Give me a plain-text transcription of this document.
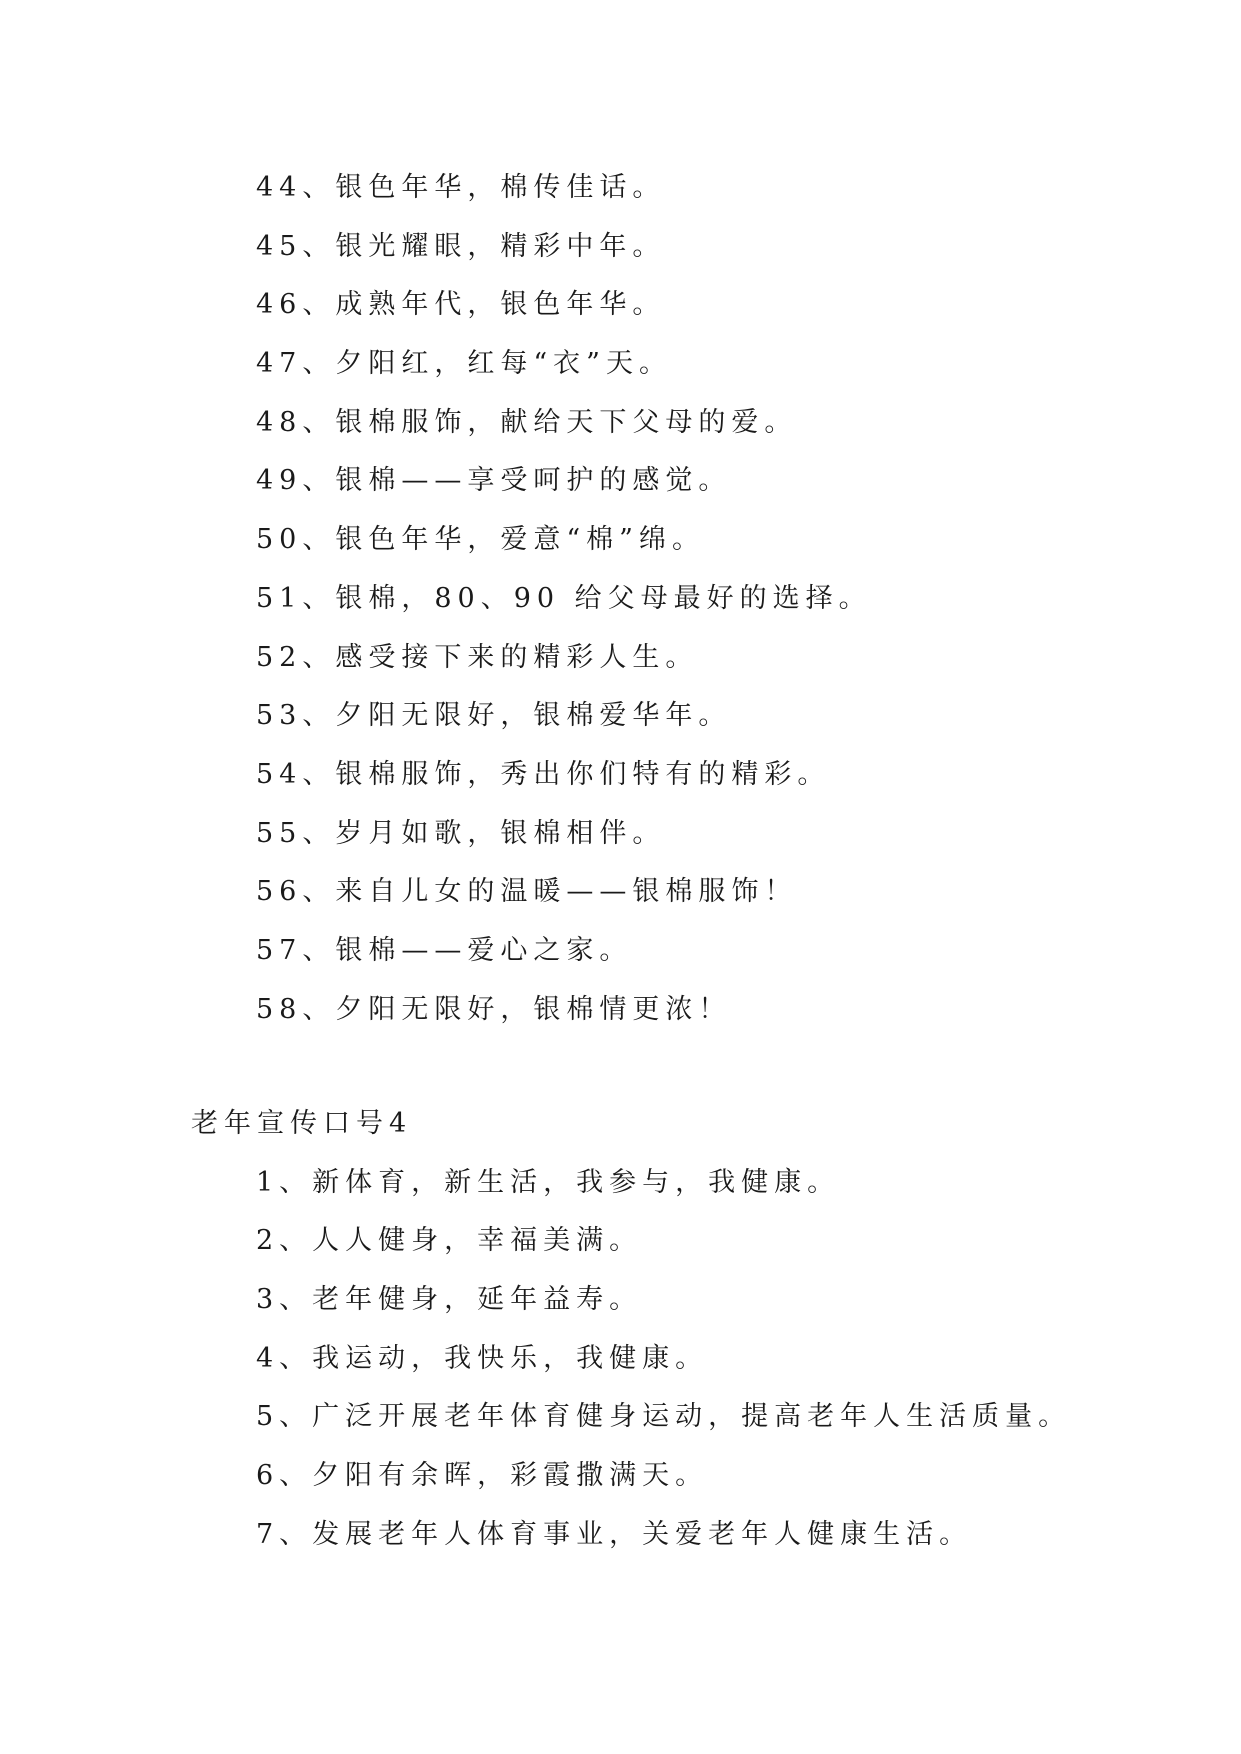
44、银色年华，棉传佳话。
45、银光耀眼，精彩中年。
46、成熟年代，银色年华。
47、夕阳红，红每“衣”天。
48、银棉服饰，献给天下父母的爱。
49、银棉——享受呵护的感觉。
50、银色年华，爱意“棉”绵。
51、银棉，80、90 给父母最好的选择。
52、感受接下来的精彩人生。
53、夕阳无限好，银棉爱华年。
54、银棉服饰，秀出你们特有的精彩。
55、岁月如歌，银棉相伴。
56、来自儿女的温暖——银棉服饰！
57、银棉——爱心之家。
58、夕阳无限好，银棉情更浓！
老年宣传口号4
1、新体育，新生活，我参与，我健康。
2、人人健身，幸福美满。
3、老年健身，延年益寿。
4、我运动，我快乐，我健康。
5、广泛开展老年体育健身运动，提高老年人生活质量。
6、夕阳有余晖，彩霞撒满天。
7、发展老年人体育事业，关爱老年人健康生活。
